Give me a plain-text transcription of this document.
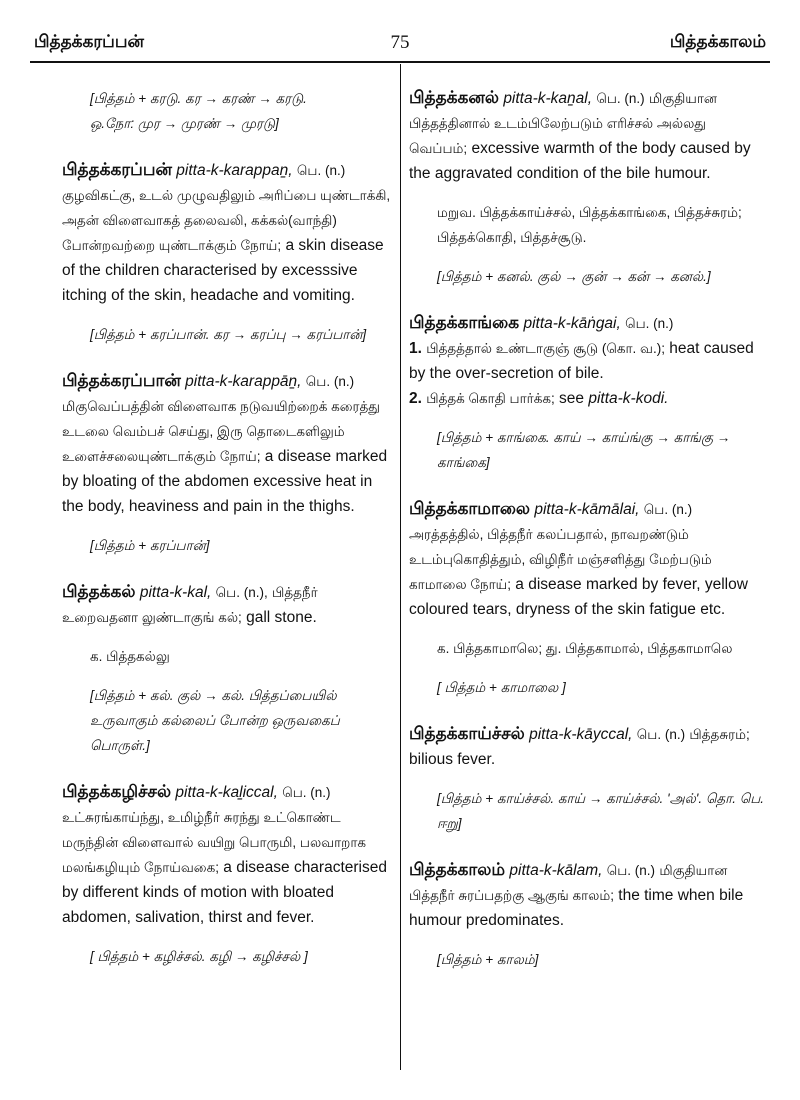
பித்தக்கரப்பன்	75	பித்தக்காலம்
[பித்தம் + கரடு. கர → கரண் → கரடு.
ஒ.நோ: முர → முரண் → முரடு]
பித்தக்கரப்பன் pitta-k-karappaṉ, பெ. (n.) குழவிகட்கு, உடல் முழுவதிலும் அரிப்பை யுண்டாக்கி, அதன் விளைவாகத் தலைவலி, கக்கல்(வாந்தி) போன்றவற்றை யுண்டாக்கும் நோய்; a skin disease of the children characterised by excesssive itching of the skin, headache and vomiting.
[பித்தம் + கரப்பான். கர → கரப்பு → கரப்பான்]
பித்தக்கரப்பான் pitta-k-karappāṉ, பெ. (n.) மிகுவெப்பத்தின் விளைவாக நடுவயிற்றைக் கரைத்து உடலை வெம்பச் செய்து, இரு தொடைகளிலும் உளைச்சலையுண்டாக்கும் நோய்; a disease marked by bloating of the abdomen excessive heat in the body, heaviness and pain in the thighs.
[பித்தம் + கரப்பான்]
பித்தக்கல் pitta-k-kal, பெ. (n.), பித்தநீர் உறைவதனா லுண்டாகுங் கல்; gall stone.
க. பித்தகல்லு
[பித்தம் + கல். குல் → கல். பித்தப்பையில் உருவாகும் கல்லைப் போன்ற ஒருவகைப் பொருள்.]
பித்தக்கழிச்சல் pitta-k-kaḻiccal, பெ. (n.) உட்சுரங்காய்ந்து, உமிழ்நீர் சுரந்து உட்கொண்ட மருந்தின் விளைவால் வயிறு பொருமி, பலவாறாக மலங்கழியும் நோய்வகை; a disease characterised by different kinds of motion with bloated abdomen, salivation, thirst and fever.
[ பித்தம் + கழிச்சல். கழி → கழிச்சல் ]
பித்தக்கனல் pitta-k-kaṉal, பெ. (n.) மிகுதியான பித்தத்தினால் உடம்பிலேற்படும் எரிச்சல் அல்லது வெப்பம்; excessive warmth of the body caused by the aggravated condition of the bile humour.
மறுவ. பித்தக்காய்ச்சல், பித்தக்காங்கை, பித்தச்சுரம்; பித்தக்கொதி, பித்தச்சூடு.
[பித்தம் + கனல். குல் → குன் → கன் → கனல்.]
பித்தக்காங்கை pitta-k-kāṅgai, பெ. (n.)
1. பித்தத்தால் உண்டாகுஞ் சூடு (கொ. வ.); heat caused by the over-secretion of bile.
2. பித்தக் கொதி பார்க்க; see pitta-k-kodi.
[பித்தம் + காங்கை. காய் → காய்ங்கு → காங்கு → காங்கை]
பித்தக்காமாலை pitta-k-kāmālai, பெ. (n.) அரத்தத்தில், பித்தநீர் கலப்பதால், நாவறண்டும் உடம்புகொதித்தும், விழிநீர் மஞ்சளித்து மேற்படும் காமாலை நோய்; a disease marked by fever, yellow coloured tears, dryness of the skin fatigue etc.
க. பித்தகாமாலெ; து. பித்தகாமால், பித்தகாமாலெ
[ பித்தம் + காமாலை ]
பித்தக்காய்ச்சல் pitta-k-kāyccal, பெ. (n.) பித்தசுரம்; bilious fever.
[பித்தம் + காய்ச்சல். காய் → காய்ச்சல். 'அல்'. தொ. பெ. ஈறு]
பித்தக்காலம் pitta-k-kālam, பெ. (n.) மிகுதியான பித்தநீர் சுரப்பதற்கு ஆகுங் காலம்; the time when bile humour predominates.
[பித்தம் + காலம்]
